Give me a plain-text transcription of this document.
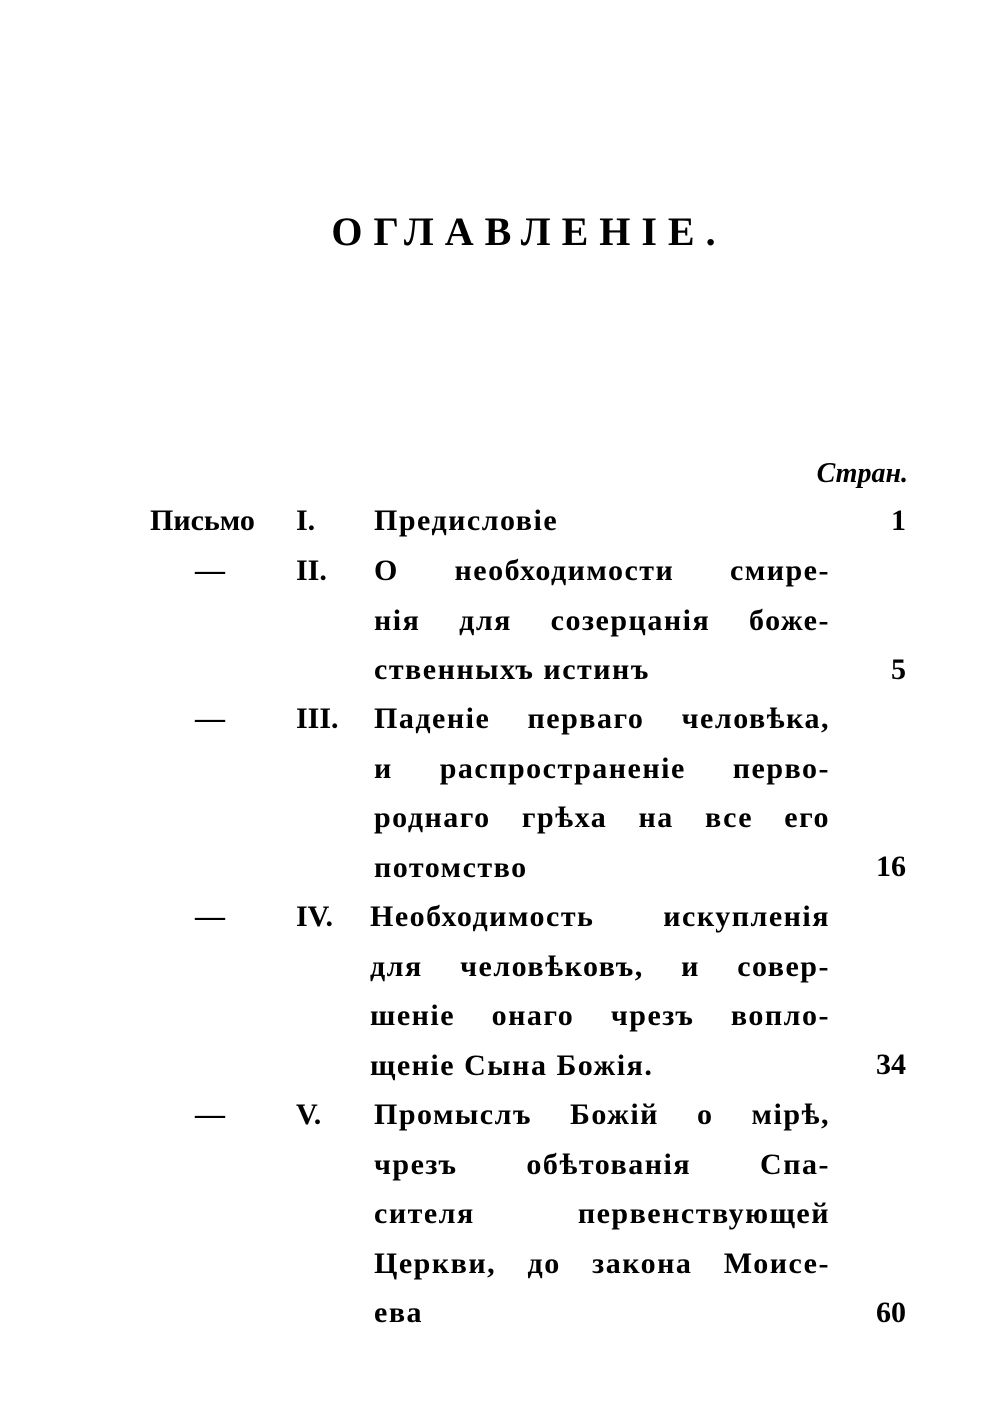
ОГЛАВЛЕНІЕ.
Стран.
Письмо I. Предисловіе	1
—	II. О необходимости смире-
нія для созерцанія боже-
ственныхъ истинъ	5
—	III. Паденіе перваго человѣка,
и распространеніе перво-
роднаго грѣха на все его
потомство	16
—	IV. Необходимость искупленія
для человѣковъ, и совер-
шеніе онаго чрезъ вопло-
щеніе Сына Божія.	34
—	V. Промыслъ Божій о мірѣ,
чрезъ обѣтованія Спа-
сителя первенствующей
Церкви, до закона Моисе-
ева	60
